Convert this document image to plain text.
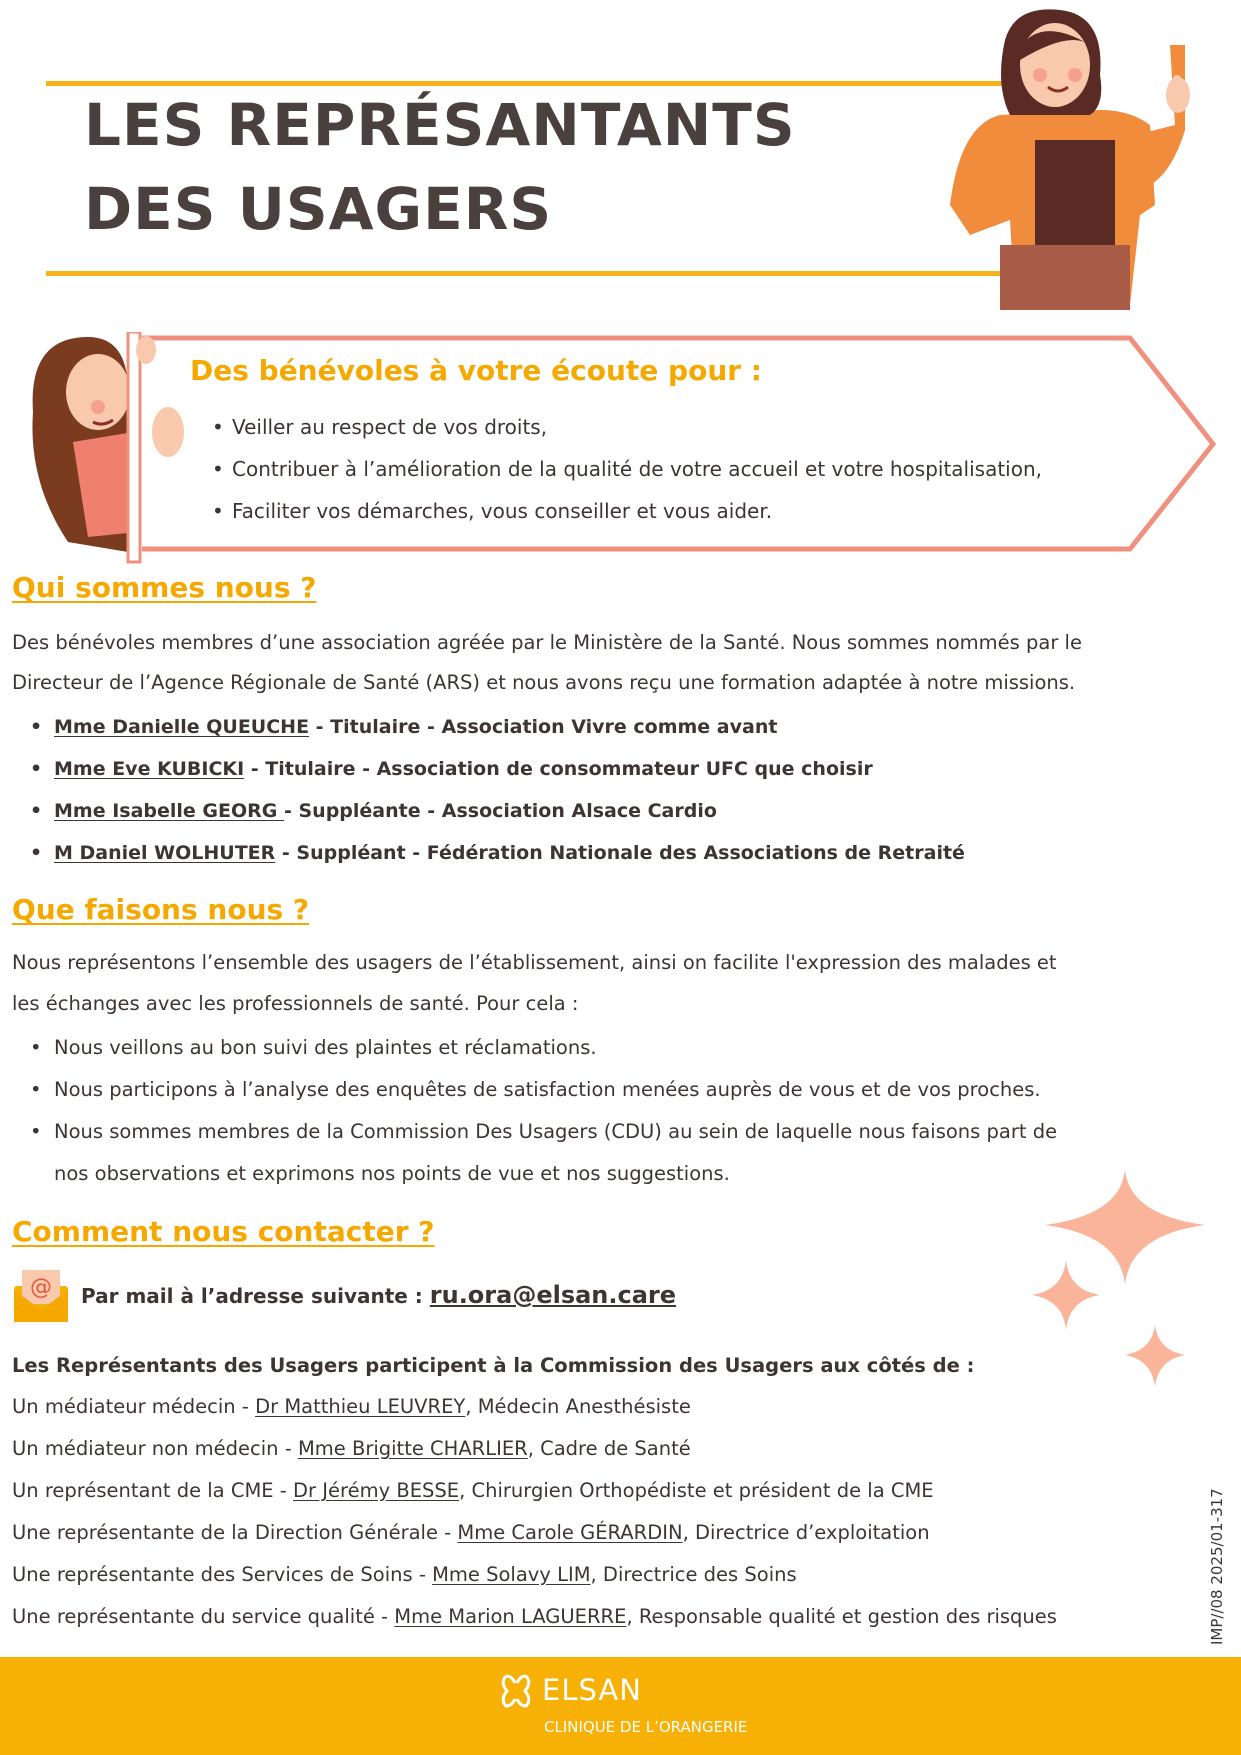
LES REPRÉSANTANTS
DES USAGERS
Des bénévoles à votre écoute pour :
• Veiller au respect de vos droits,
• Contribuer à l’amélioration de la qualité de votre accueil et votre hospitalisation,
• Faciliter vos démarches, vous conseiller et vous aider.
Qui sommes nous ?
Des bénévoles membres d’une association agréée par le Ministère de la Santé. Nous sommes nommés par le
Directeur de l’Agence Régionale de Santé (ARS) et nous avons reçu une formation adaptée à notre missions.
• Mme Danielle QUEUCHE - Titulaire - Association Vivre comme avant
• Mme Eve KUBICKI - Titulaire - Association de consommateur UFC que choisir
• Mme Isabelle GEORG - Suppléante - Association Alsace Cardio
• M Daniel WOLHUTER - Suppléant - Fédération Nationale des Associations de Retraité
Que faisons nous ?
Nous représentons l’ensemble des usagers de l’établissement, ainsi on facilite l'expression des malades et
les échanges avec les professionnels de santé. Pour cela :
• Nous veillons au bon suivi des plaintes et réclamations.
• Nous participons à l’analyse des enquêtes de satisfaction menées auprès de vous et de vos proches.
• Nous sommes membres de la Commission Des Usagers (CDU) au sein de laquelle nous faisons part de
nos observations et exprimons nos points de vue et nos suggestions.
Comment nous contacter ?
@ Par mail à l’adresse suivante : ru.ora@elsan.care
Les Représentants des Usagers participent à la Commission des Usagers aux côtés de :
Un médiateur médecin - Dr Matthieu LEUVREY, Médecin Anesthésiste
Un médiateur non médecin - Mme Brigitte CHARLIER, Cadre de Santé
Un représentant de la CME - Dr Jérémy BESSE, Chirurgien Orthopédiste et président de la CME
Une représentante de la Direction Générale - Mme Carole GÉRARDIN, Directrice d’exploitation
Une représentante des Services de Soins - Mme Solavy LIM, Directrice des Soins
Une représentante du service qualité - Mme Marion LAGUERRE, Responsable qualité et gestion des risques	IMP//08 2025/01-317
ELSAN
CLINIQUE DE L’ORANGERIE
